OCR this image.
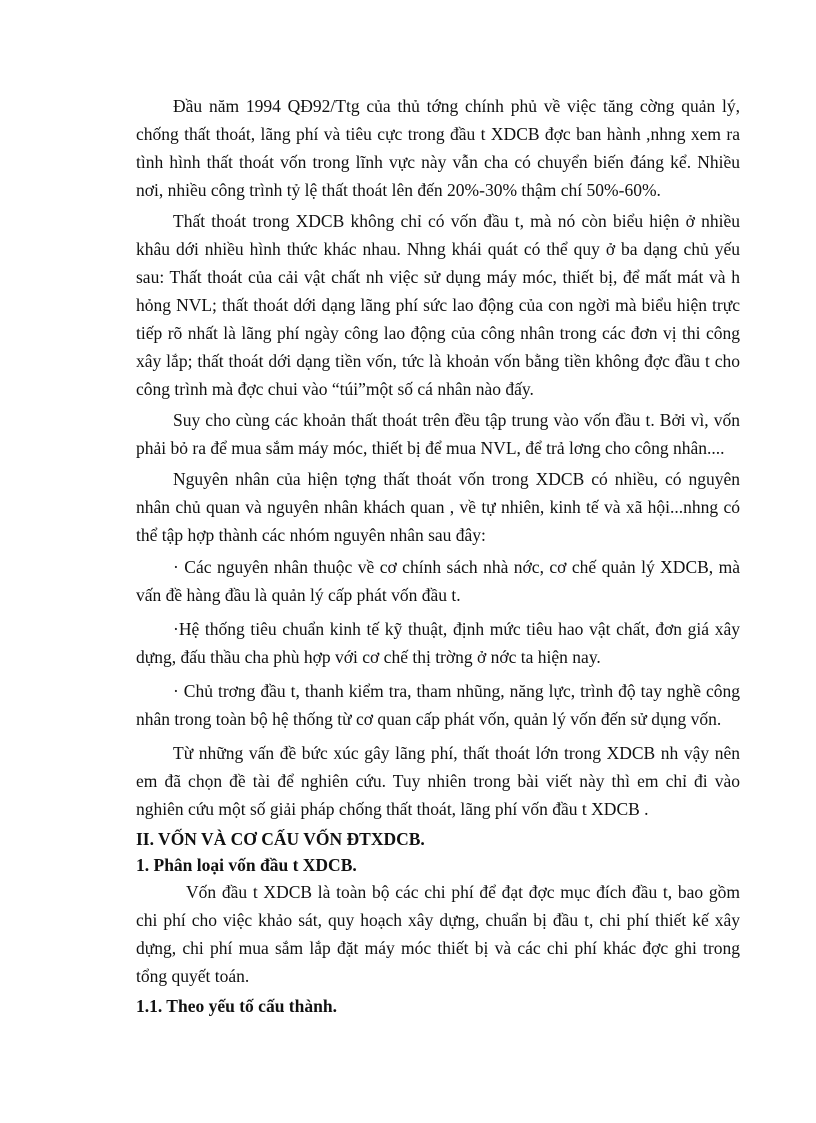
Đầu năm 1994 QĐ92/Ttg của thủ tớng chính phủ về việc tăng cờng quản lý, chống thất thoát, lãng phí và tiêu cực trong đầu t XDCB đợc ban hành ,nhng xem ra tình hình thất thoát vốn trong lĩnh vực này vẫn cha có chuyển biến đáng kể. Nhiều nơi, nhiều công trình tỷ lệ thất thoát lên đến 20%-30% thậm chí 50%-60%.

Thất thoát trong XDCB không chỉ có vốn đầu t, mà nó còn biểu hiện ở nhiều khâu dới nhiều hình thức khác nhau. Nhng khái quát có thể quy ở ba dạng chủ yếu sau: Thất thoát của cải vật chất nh việc sử dụng máy móc, thiết bị, để mất mát và h hỏng NVL; thất thoát dới dạng lãng phí sức lao động của con ngời mà biểu hiện trực tiếp rõ nhất là lãng phí ngày công lao động của công nhân trong các đơn vị thi công xây lắp; thất thoát dới dạng tiền vốn, tức là khoản vốn bằng tiền không đợc đầu t cho công trình mà đợc chui vào “túi”một số cá nhân nào đấy.

Suy cho cùng các khoản thất thoát trên đều tập trung vào vốn đầu t. Bởi vì, vốn phải bỏ ra để mua sắm máy móc, thiết bị để mua NVL, để trả lơng cho công nhân....

Nguyên nhân của hiện tợng thất thoát vốn trong XDCB có nhiều, có nguyên nhân chủ quan và nguyên nhân khách quan , về tự nhiên, kinh tế và xã hội...nhng có thể tập hợp thành các nhóm nguyên nhân sau đây:

· Các nguyên nhân thuộc về cơ chính sách nhà nớc, cơ chế quản lý XDCB, mà vấn đề hàng đầu là quản lý cấp phát vốn đầu t.

·Hệ thống tiêu chuẩn kinh tế kỹ thuật, định mức tiêu hao vật chất, đơn giá xây dựng, đấu thầu cha phù hợp với cơ chế thị trờng ở nớc ta hiện nay.

· Chủ trơng đầu t, thanh kiểm tra, tham nhũng, năng lực, trình độ tay nghề công nhân trong toàn bộ hệ thống từ cơ quan cấp phát vốn, quản lý vốn đến sử dụng vốn.

Từ những vấn đề bức xúc gây lãng phí, thất thoát lớn trong XDCB nh vậy nên em đã chọn đề tài để nghiên cứu. Tuy nhiên trong bài viết này thì em chỉ đi vào nghiên cứu một số giải pháp chống thất thoát, lãng phí vốn đầu t XDCB .

II. VỐN VÀ CƠ CẤU VỐN ĐTXDCB.
1. Phân loại vốn đầu t XDCB.

Vốn đầu t XDCB là toàn bộ các chi phí để đạt đợc mục đích đầu t, bao gồm chi phí cho việc khảo sát, quy hoạch xây dựng, chuẩn bị đầu t, chi phí thiết kế xây dựng, chi phí mua sắm lắp đặt máy móc thiết bị và các chi phí khác đợc ghi trong tổng quyết toán.

1.1. Theo yếu tố cấu thành.
